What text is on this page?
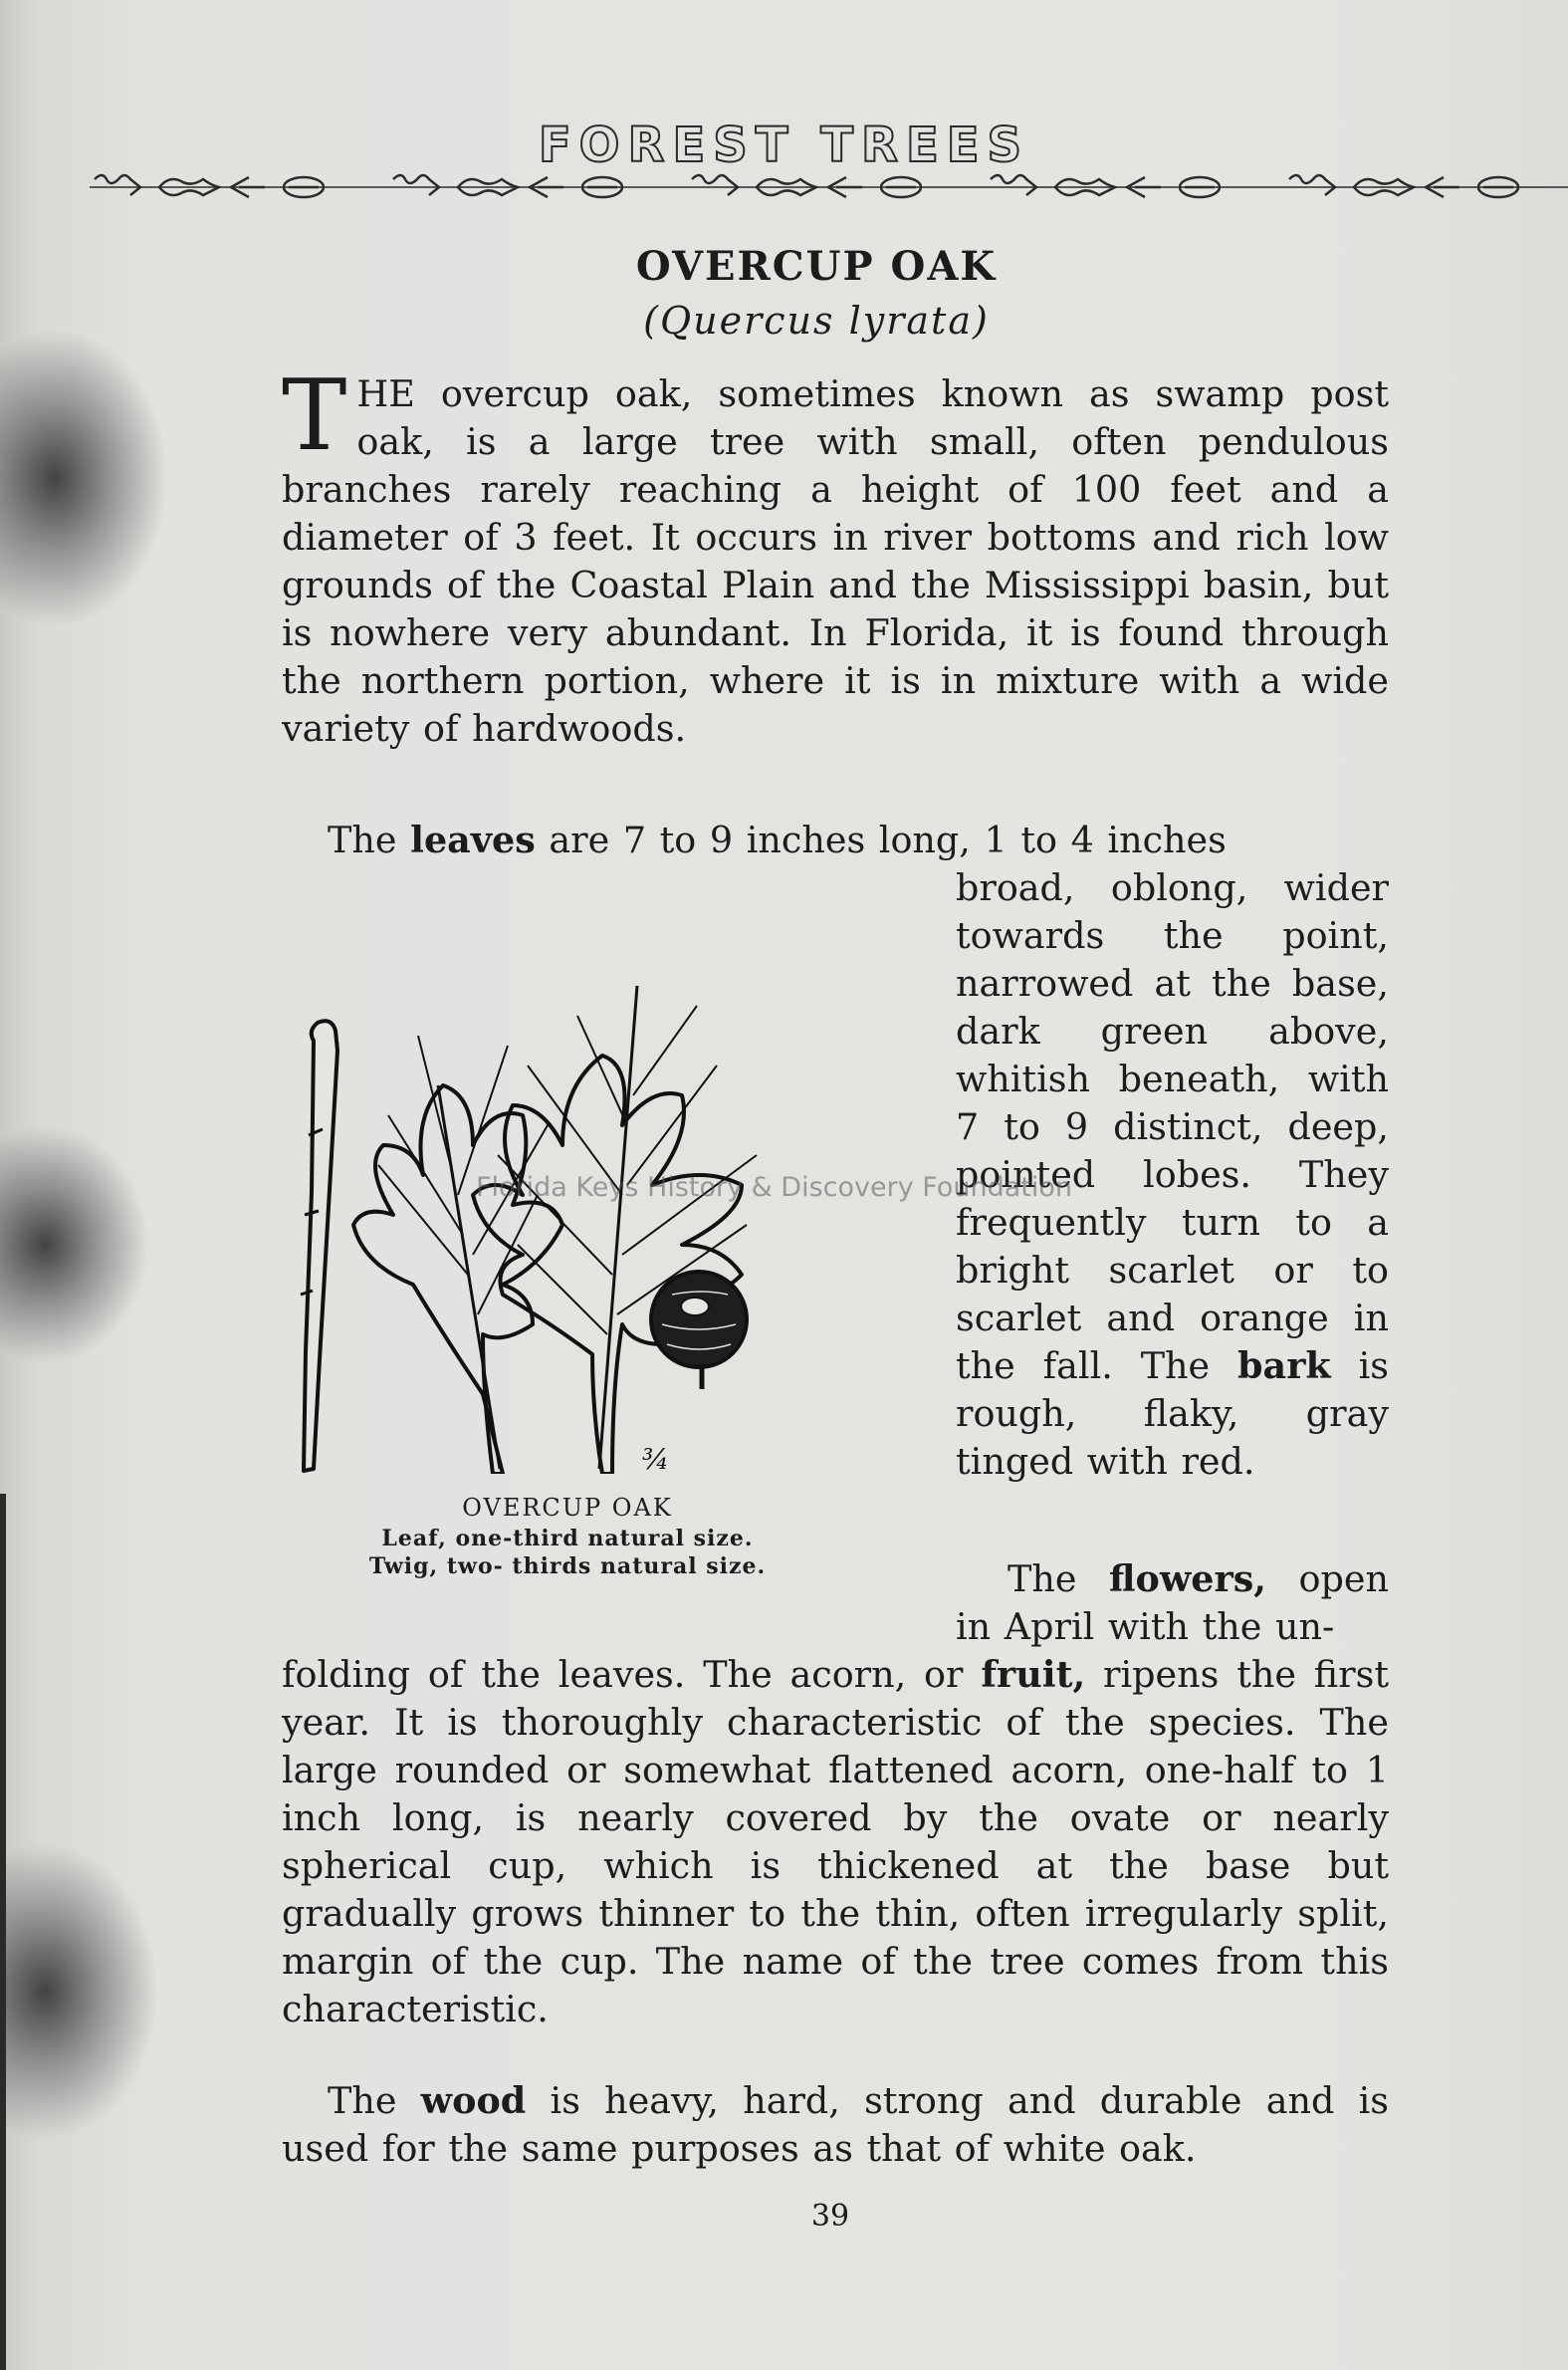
FOREST TREES
OVERCUP OAK
(Quercus lyrata)
THE overcup oak, sometimes known as swamp post oak, is a large tree with small, often pendulous branches rarely reaching a height of 100 feet and a diameter of 3 feet. It occurs in river bottoms and rich low grounds of the Coastal Plain and the Mississippi basin, but is nowhere very abundant. In Florida, it is found through the northern portion, where it is in mixture with a wide variety of hardwoods.
The leaves are 7 to 9 inches long, 1 to 4 inches
broad, oblong, wider towards the point, narrowed at the base, dark green above, whitish beneath, with 7 to 9 distinct, deep, pointed lobes. They frequently turn to a bright scarlet or to scarlet and orange in the fall. The bark is rough, flaky, gray tinged with red.
¾
OVERCUP OAK
Leaf, one-third natural size.
Twig, two- thirds natural size.
Florida Keys History & Discovery Foundation
The flowers, open in April with the un-
folding of the leaves. The acorn, or fruit, ripens the first year. It is thoroughly characteristic of the species. The large rounded or somewhat flattened acorn, one-half to 1 inch long, is nearly covered by the ovate or nearly spherical cup, which is thickened at the base but gradually grows thinner to the thin, often irregularly split, margin of the cup. The name of the tree comes from this characteristic.
The wood is heavy, hard, strong and durable and is used for the same purposes as that of white oak.
39
